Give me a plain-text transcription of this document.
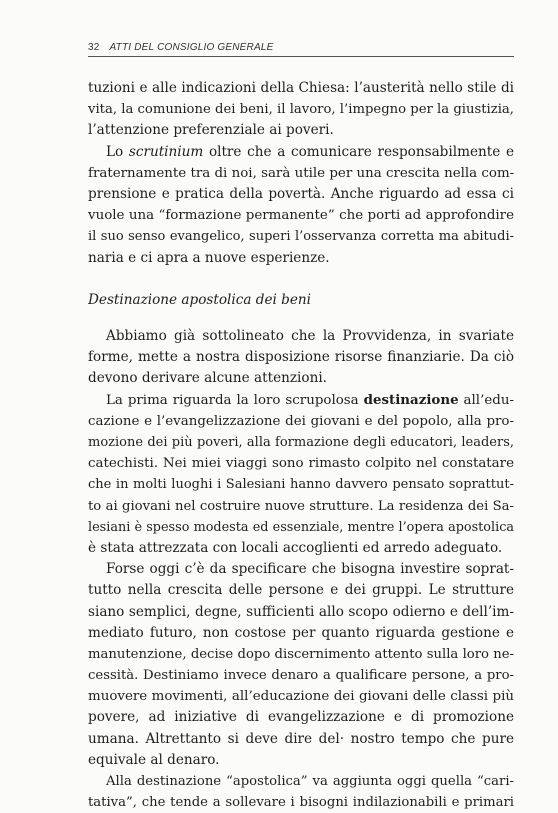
32 ATTI DEL CONSIGLIO GENERALE
tuzioni e alle indicazioni della Chiesa: l’austerità nello stile di
vita, la comunione dei beni, il lavoro, l’impegno per la giustizia,
l’attenzione preferenziale ai poveri.
Lo scrutinium oltre che a comunicare responsabilmente e
fraternamente tra di noi, sarà utile per una crescita nella com-
prensione e pratica della povertà. Anche riguardo ad essa ci
vuole una “formazione permanente” che porti ad approfondire
il suo senso evangelico, superi l’osservanza corretta ma abitudi-
naria e ci apra a nuove esperienze.
Destinazione apostolica dei beni
Abbiamo già sottolineato che la Provvidenza, in svariate
forme, mette a nostra disposizione risorse finanziarie. Da ciò
devono derivare alcune attenzioni.
La prima riguarda la loro scrupolosa destinazione all’edu-
cazione e l’evangelizzazione dei giovani e del popolo, alla pro-
mozione dei più poveri, alla formazione degli educatori, leaders,
catechisti. Nei miei viaggi sono rimasto colpito nel constatare
che in molti luoghi i Salesiani hanno davvero pensato soprattut-
to ai giovani nel costruire nuove strutture. La residenza dei Sa-
lesiani è spesso modesta ed essenziale, mentre l’opera apostolica
è stata attrezzata con locali accoglienti ed arredo adeguato.
Forse oggi c’è da specificare che bisogna investire soprat-
tutto nella crescita delle persone e dei gruppi. Le strutture
siano semplici, degne, sufficienti allo scopo odierno e dell’im-
mediato futuro, non costose per quanto riguarda gestione e
manutenzione, decise dopo discernimento attento sulla loro ne-
cessità. Destiniamo invece denaro a qualificare persone, a pro-
muovere movimenti, all’educazione dei giovani delle classi più
povere, ad iniziative di evangelizzazione e di promozione
umana. Altrettanto si deve dire del· nostro tempo che pure
equivale al denaro.
Alla destinazione “apostolica” va aggiunta oggi quella “cari-
tativa”, che tende a sollevare i bisogni indilazionabili e primari
